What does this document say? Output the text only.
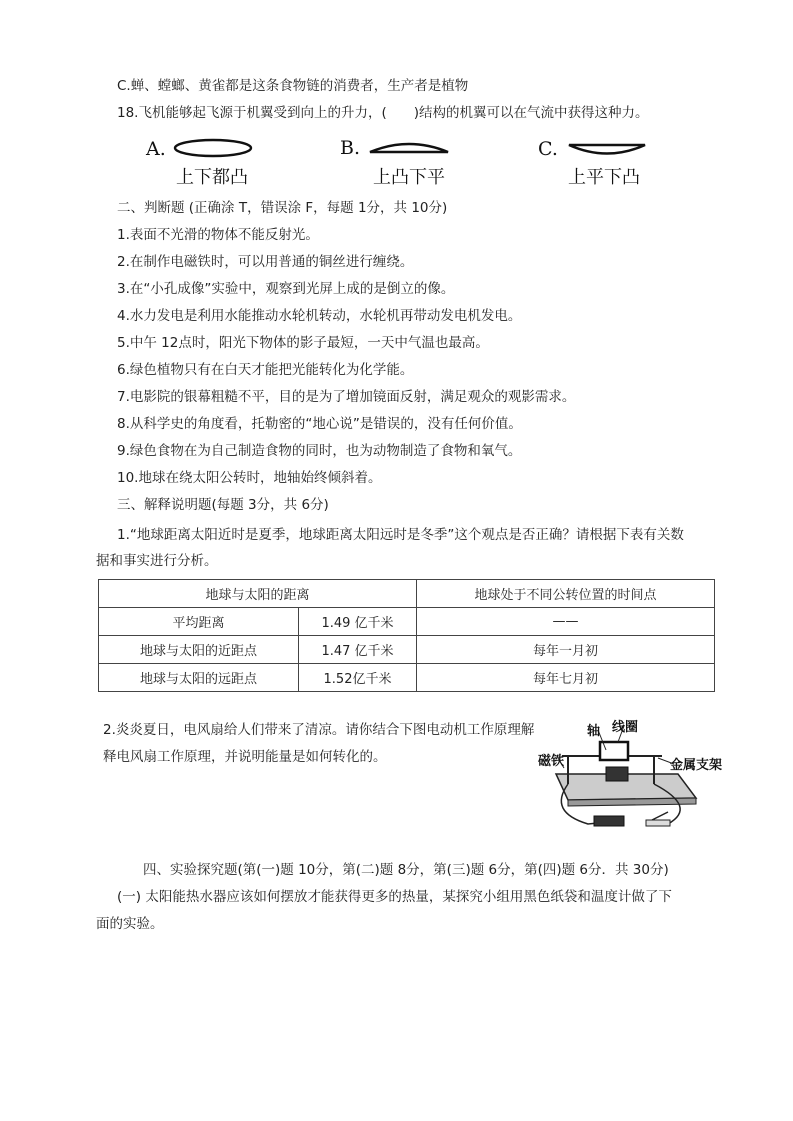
C.蝉、螳螂、黄雀都是这条食物链的消费者，生产者是植物
18.飞机能够起飞源于机翼受到向上的升力，(　　)结构的机翼可以在气流中获得这种力。
A.
上下都凸
B.
上凸下平
C.
上平下凸
二、判断题 (正确涂 T，错误涂 F，每题 1分，共 10分)
1.表面不光滑的物体不能反射光。
2.在制作电磁铁时，可以用普通的铜丝进行缠绕。
3.在“小孔成像”实验中，观察到光屏上成的是倒立的像。
4.水力发电是利用水能推动水轮机转动，水轮机再带动发电机发电。
5.中午 12点时，阳光下物体的影子最短，一天中气温也最高。
6.绿色植物只有在白天才能把光能转化为化学能。
7.电影院的银幕粗糙不平，目的是为了增加镜面反射，满足观众的观影需求。
8.从科学史的角度看，托勒密的“地心说”是错误的，没有任何价值。
9.绿色食物在为自己制造食物的同时，也为动物制造了食物和氧气。
10.地球在绕太阳公转时，地轴始终倾斜着。
三、解释说明题(每题 3分，共 6分)
1.“地球距离太阳近时是夏季，地球距离太阳远时是冬季”这个观点是否正确？请根据下表有关数
据和事实进行分析。
地球与太阳的距离		地球处于不同公转位置的时间点
平均距离	1.49 亿千米	——
地球与太阳的近距点	1.47 亿千米	每年一月初
地球与太阳的远距点	1.52亿千米	每年七月初
2.炎炎夏日，电风扇给人们带来了清凉。请你结合下图电动机工作原理解
释电风扇工作原理，并说明能量是如何转化的。
轴 线圈
磁铁	金属支架
四、实验探究题(第(一)题 10分，第(二)题 8分，第(三)题 6分，第(四)题 6分．共 30分)
(一) 太阳能热水器应该如何摆放才能获得更多的热量，某探究小组用黑色纸袋和温度计做了下
面的实验。
